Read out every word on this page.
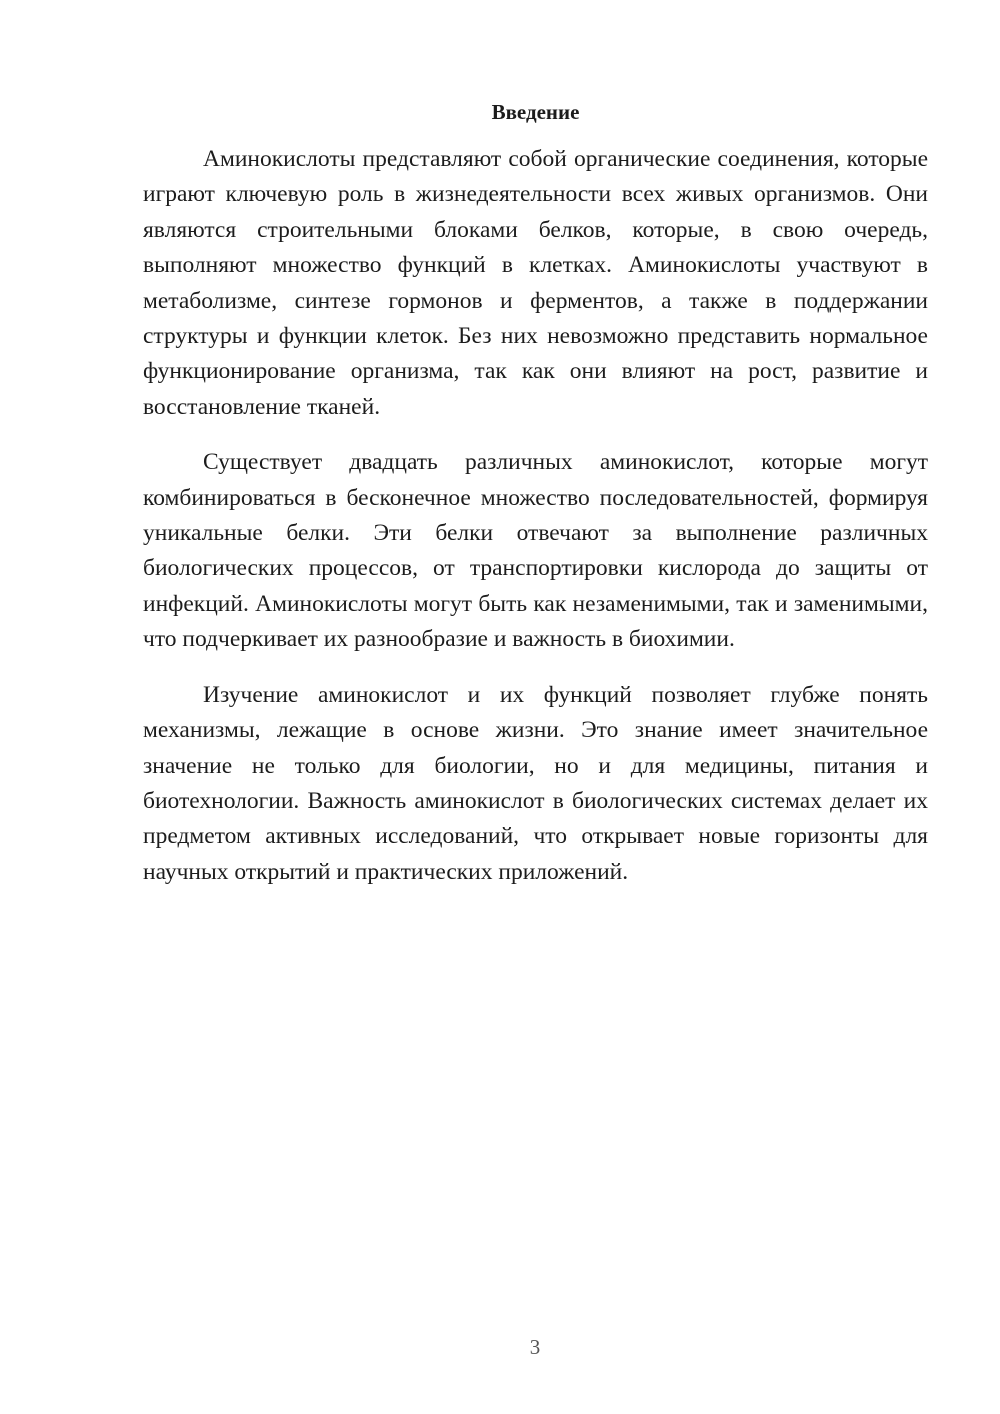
Введение

Аминокислоты представляют собой органические соединения, которые играют ключевую роль в жизнедеятельности всех живых организмов. Они являются строительными блоками белков, которые, в свою очередь, выполняют множество функций в клетках. Аминокислоты участвуют в метаболизме, синтезе гормонов и ферментов, а также в поддержании структуры и функции клеток. Без них невозможно представить нормальное функционирование организма, так как они влияют на рост, развитие и восстановление тканей.

Существует двадцать различных аминокислот, которые могут комбинироваться в бесконечное множество последовательностей, формируя уникальные белки. Эти белки отвечают за выполнение различных биологических процессов, от транспортировки кислорода до защиты от инфекций. Аминокислоты могут быть как незаменимыми, так и заменимыми, что подчеркивает их разнообразие и важность в биохимии.

Изучение аминокислот и их функций позволяет глубже понять механизмы, лежащие в основе жизни. Это знание имеет значительное значение не только для биологии, но и для медицины, питания и биотехнологии. Важность аминокислот в биологических системах делает их предметом активных исследований, что открывает новые горизонты для научных открытий и практических приложений.

3
